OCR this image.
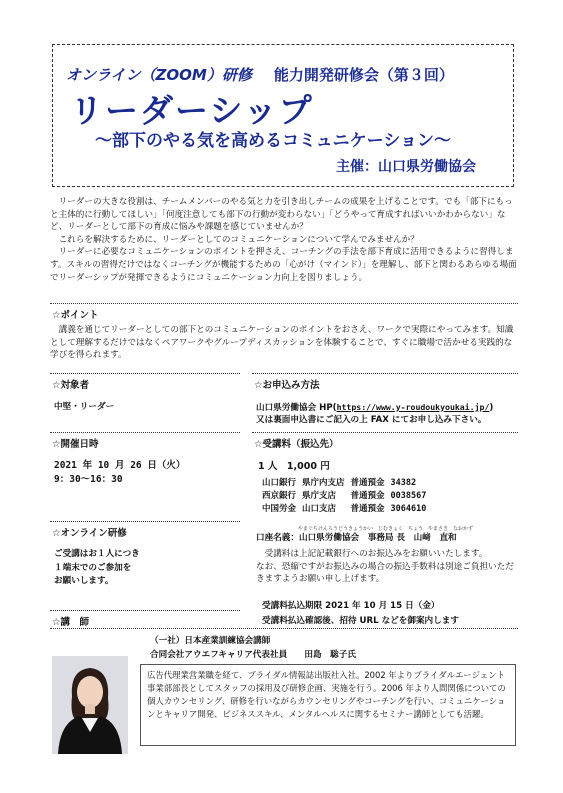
オンライン（ZOOM）研修 能力開発研修会（第３回）
リーダーシップ
～部下のやる気を高めるコミュニケーション～
主催：山口県労働協会

リーダーの大きな役割は、チームメンバーのやる気と力を引き出しチームの成果を上げることです。でも「部下にもっと主体的に行動してほしい」「何度注意しても部下の行動が変わらない」「どうやって育成すればいいかわからない」など、リーダーとして部下の育成に悩みや課題を感じていませんか？

これらを解決するために、リーダーとしてのコミュニケーションについて学んでみませんか？

リーダーに必要なコミュニケーションのポイントを押さえ、コーチングの手法を部下育成に活用できるように習得します。スキルの習得だけではなくコーチングが機能するための「心がけ（マインド）」を理解し、部下と関わるあらゆる場面でリーダーシップが発揮できるようにコミュニケーション力向上を図りましょう。

☆ポイント
講義を通じてリーダーとしての部下とのコミュニケーションのポイントをおさえ、ワークで実際にやってみます。知識として理解するだけではなくペアワークやグループディスカッションを体験することで、すぐに職場で活かせる実践的な学びを得られます。
☆対象者	☆お申込み方法
中堅・リーダー	山口県労働協会 HP(https://www.y-roudoukyoukai.jp/)
又は裏面申込書にご記入の上 FAX にてお申し込み下さい。
☆開催日時	☆受講料（振込先）
2021 年 10 月 26 日（火）
9：30～16：30
1 人　1,000 円
山口銀行	県庁内支店	普通預金	34382
西京銀行	県庁支店	普通預金	0038567
中国労金	山口支店	普通預金	3064610
☆オンライン研修
ご受講はお１人につき
１端末でのご参加を
お願いします。
やまぐちけんろうどうきょうかい　じむきょく　ちょう　やまさき　なおかず
口座名義：山口県労働協会　事務局 長　山﨑　直和
受講料は上記記載銀行へのお振込みをお願いいたします。
なお、恐縮ですがお振込みの場合の振込手数料は別途ご負担いただきますようお願い申し上げます。
受講料払込期限 2021 年 10 月 15 日（金）
受講料払込確認後、招待 URL などを御案内します
☆講　師
（一社）日本産業訓練協会講師
合同会社アウエフキャリア代表社員　　田島　聡子氏
広告代理業営業職を経て、ブライダル情報誌出版社入社。2002 年よりブライダルエージェント事業部部長としてスタッフの採用及び研修企画、実施を行う。2006 年より人間関係についての個人カウンセリング、研修を行いながらカウンセリングやコーチングを行い、コミュニケーションとキャリア開発、ビジネススキル、メンタルヘルスに関するセミナー講師としても活躍。
